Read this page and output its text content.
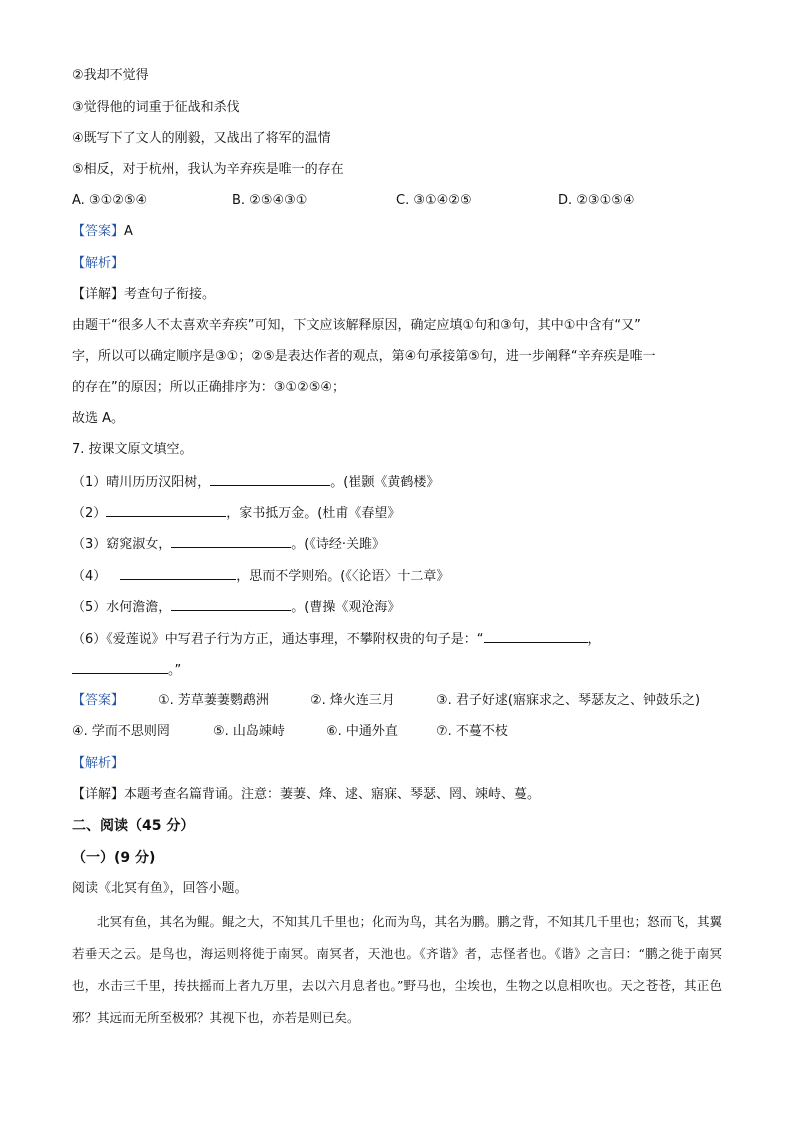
②我却不觉得
③觉得他的词重于征战和杀伐
④既写下了文人的刚毅，又战出了将军的温情
⑤相反，对于杭州，我认为辛弃疾是唯一的存在
A. ③①②⑤④	B. ②⑤④③①	C. ③①④②⑤	D. ②③①⑤④
【答案】A
【解析】
【详解】考查句子衔接。
由题干“很多人不太喜欢辛弃疾”可知，下文应该解释原因，确定应填①句和③句，其中①中含有“又”
字，所以可以确定顺序是③①；②⑤是表达作者的观点，第④句承接第⑤句，进一步阐释“辛弃疾是唯一
的存在”的原因；所以正确排序为：③①②⑤④；
故选 A。
7. 按课文原文填空。
（1）晴川历历汉阳树，	。(崔颢《黄鹤楼》
（2）	，家书抵万金。(杜甫《春望》
（3）窈窕淑女，	。(《诗经·关雎》
（4）	，思而不学则殆。(《〈论语〉十二章》
（5）水何澹澹，	。(曹操《观沧海》
（6）《爱莲说》中写君子行为方正，通达事理，不攀附权贵的句子是：“	，
。”
【答案】	①. 芳草萋萋鹦鹉洲	②. 烽火连三月	③. 君子好逑(寤寐求之、琴瑟友之、钟鼓乐之)
④. 学而不思则罔	⑤. 山岛竦峙	⑥. 中通外直	⑦. 不蔓不枝
【解析】
【详解】本题考查名篇背诵。注意：萋萋、烽、逑、寤寐、琴瑟、罔、竦峙、蔓。
二、阅读（45 分）
（一）(9 分)
阅读《北冥有鱼》，回答小题。

北冥有鱼，其名为鲲。鲲之大，不知其几千里也；化而为鸟，其名为鹏。鹏之背，不知其几千里也；怒而飞，其翼若垂天之云。是鸟也，海运则将徙于南冥。南冥者，天池也。《齐谐》者，志怪者也。《谐》之言曰：“鹏之徙于南冥也，水击三千里，抟扶摇而上者九万里，去以六月息者也。”野马也，尘埃也，生物之以息相吹也。天之苍苍，其正色邪？其远而无所至极邪？其视下也，亦若是则已矣。
